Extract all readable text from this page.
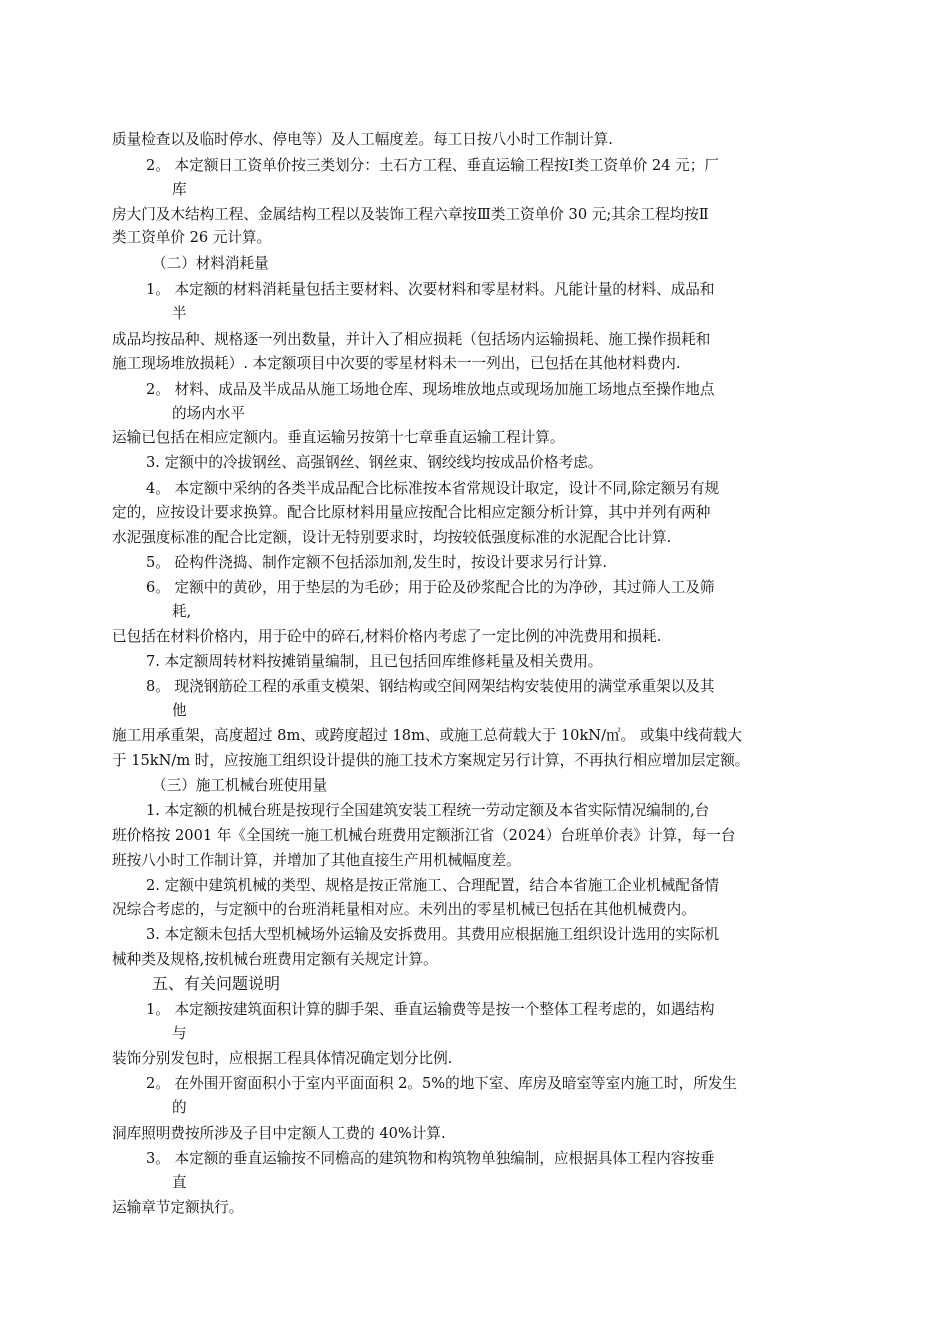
质量检查以及临时停水、停电等）及人工幅度差。每工日按八小时工作制计算.
2。 本定额日工资单价按三类划分：土石方工程、垂直运输工程按Ⅰ类工资单价 24 元；厂
库
房大门及木结构工程、金属结构工程以及装饰工程六章按Ⅲ类工资单价 30 元;其余工程均按Ⅱ
类工资单价 26 元计算。
（二）材料消耗量
1。 本定额的材料消耗量包括主要材料、次要材料和零星材料。凡能计量的材料、成品和
半
成品均按品种、规格逐一列出数量，并计入了相应损耗（包括场内运输损耗、施工操作损耗和
施工现场堆放损耗）. 本定额项目中次要的零星材料未一一列出，已包括在其他材料费内.
2。 材料、成品及半成品从施工场地仓库、现场堆放地点或现场加施工场地点至操作地点
的场内水平
运输已包括在相应定额内。垂直运输另按第十七章垂直运输工程计算。
3. 定额中的冷拔钢丝、高强钢丝、钢丝束、钢绞线均按成品价格考虑。
4。 本定额中采纳的各类半成品配合比标准按本省常规设计取定，设计不同,除定额另有规
定的，应按设计要求换算。配合比原材料用量应按配合比相应定额分析计算，其中并列有两种
水泥强度标准的配合比定额，设计无特别要求时，均按较低强度标准的水泥配合比计算.
5。 砼构件浇捣、制作定额不包括添加剂,发生时，按设计要求另行计算.
6。 定额中的黄砂，用于垫层的为毛砂；用于砼及砂浆配合比的为净砂，其过筛人工及筛
耗,
已包括在材料价格内，用于砼中的碎石,材料价格内考虑了一定比例的冲洗费用和损耗.
7. 本定额周转材料按摊销量编制，且已包括回库维修耗量及相关费用。
8。 现浇钢筋砼工程的承重支模架、钢结构或空间网架结构安装使用的满堂承重架以及其
他
施工用承重架，高度超过 8m、或跨度超过 18m、或施工总荷载大于 10kN/㎡。 或集中线荷载大
于 15kN/m 时，应按施工组织设计提供的施工技术方案规定另行计算，不再执行相应增加层定额。
（三）施工机械台班使用量
1. 本定额的机械台班是按现行全国建筑安装工程统一劳动定额及本省实际情况编制的,台
班价格按 2001 年《全国统一施工机械台班费用定额浙江省（2024）台班单价表》计算，每一台
班按八小时工作制计算，并增加了其他直接生产用机械幅度差。
2. 定额中建筑机械的类型、规格是按正常施工、合理配置，结合本省施工企业机械配备情
况综合考虑的，与定额中的台班消耗量相对应。未列出的零星机械已包括在其他机械费内。
3. 本定额未包括大型机械场外运输及安拆费用。其费用应根据施工组织设计选用的实际机
械种类及规格,按机械台班费用定额有关规定计算。
五、有关问题说明
1。 本定额按建筑面积计算的脚手架、垂直运输费等是按一个整体工程考虑的，如遇结构
与
装饰分别发包时，应根据工程具体情况确定划分比例.
2。 在外围开窗面积小于室内平面面积 2。5%的地下室、库房及暗室等室内施工时，所发生
的
洞库照明费按所涉及子目中定额人工费的 40%计算.
3。 本定额的垂直运输按不同檐高的建筑物和构筑物单独编制，应根据具体工程内容按垂
直
运输章节定额执行。
